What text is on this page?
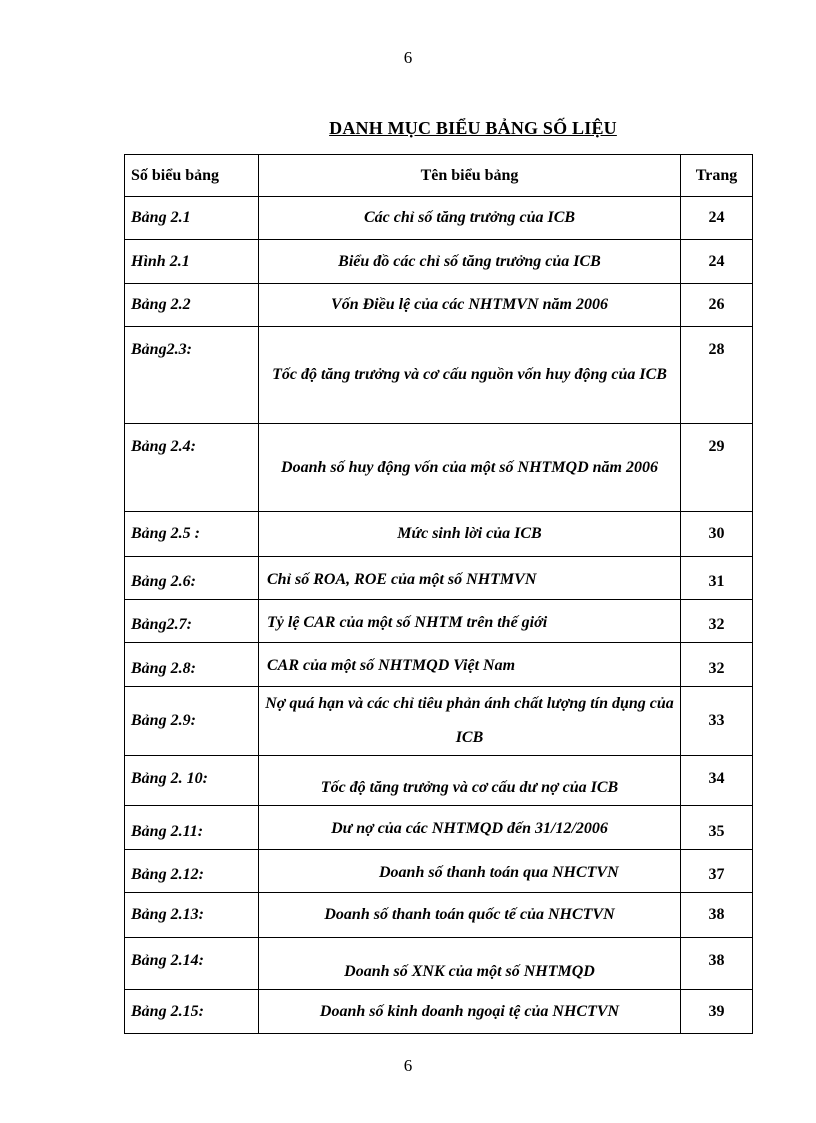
6
DANH MỤC BIỂU BẢNG SỐ LIỆU
Số biểu bảng	Tên biểu bảng	Trang
Bảng 2.1	Các chỉ số tăng trưởng của ICB	24
Hình 2.1	Biểu đồ các chỉ số tăng trưởng của ICB	24
Bảng 2.2	Vốn Điều lệ của các NHTMVN năm 2006	26
Bảng2.3:	Tốc độ tăng trưởng và cơ cấu nguồn vốn huy động của ICB	28
Bảng 2.4:	Doanh số huy động vốn của một số NHTMQD năm 2006	29
Bảng 2.5 :	Mức sinh lời của ICB	30
Bảng 2.6:	Chỉ số ROA, ROE của một số NHTMVN	31
Bảng2.7:	Tỷ lệ CAR của một số NHTM trên thế giới	32
Bảng 2.8:	CAR của một số NHTMQD Việt Nam	32
Bảng 2.9:	Nợ quá hạn và các chỉ tiêu phản ánh chất lượng tín dụng của ICB	33
Bảng 2. 10:	Tốc độ tăng trưởng và cơ cấu dư nợ của ICB	34
Bảng 2.11:	Dư nợ của các NHTMQD đến 31/12/2006	35
Bảng 2.12:	Doanh số thanh toán qua NHCTVN	37
Bảng 2.13:	Doanh số thanh toán quốc tế của NHCTVN	38
Bảng 2.14:	Doanh số XNK của một số NHTMQD	38
Bảng 2.15:	Doanh số kinh doanh ngoại tệ của NHCTVN	39
6
